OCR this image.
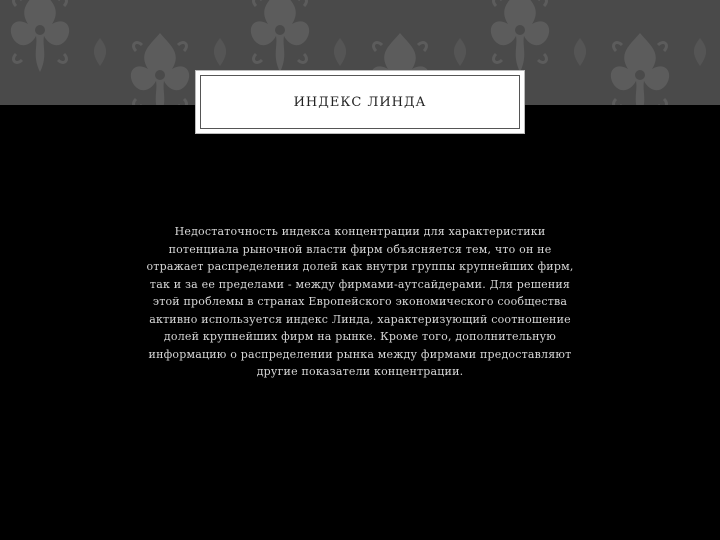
ИНДЕКС ЛИНДА

Недостаточность индекса концентрации для характеристики потенциала рыночной власти фирм объясняется тем, что он не отражает распределения долей как внутри группы крупнейших фирм, так и за ее пределами - между фирмами-аутсайдерами. Для решения этой проблемы в странах Европейского экономического сообщества активно используется индекс Линда, характеризующий соотношение долей крупнейших фирм на рынке. Кроме того, дополнительную информацию о распределении рынка между фирмами предоставляют другие показатели концентрации.
